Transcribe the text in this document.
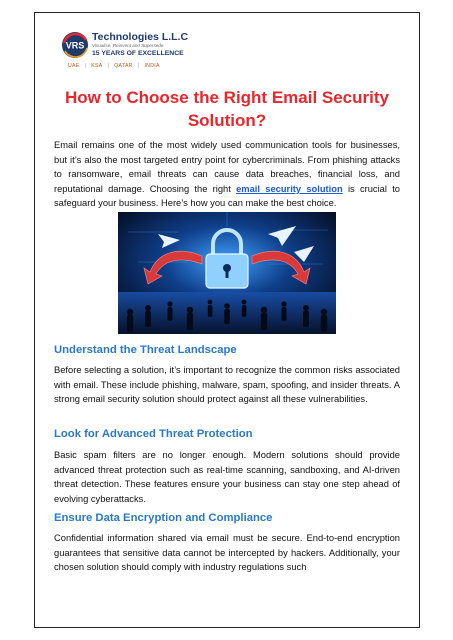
VRS
Technologies L.L.C
Visualise, Reinvent and Supersede
15 YEARS OF EXCELLENCE
UAE | KSA | QATAR | INDIA
How to Choose the Right Email Security
Solution?

Email remains one of the most widely used communication tools for businesses, but it’s also the most targeted entry point for cybercriminals. From phishing attacks to ransomware, email threats can cause data breaches, financial loss, and reputational damage. Choosing the right email security solution is crucial to safeguard your business. Here’s how you can make the best choice.

Understand the Threat Landscape

Before selecting a solution, it’s important to recognize the common risks associated with email. These include phishing, malware, spam, spoofing, and insider threats. A strong email security solution should protect against all these vulnerabilities.

Look for Advanced Threat Protection

Basic spam filters are no longer enough. Modern solutions should provide advanced threat protection such as real-time scanning, sandboxing, and AI-driven threat detection. These features ensure your business can stay one step ahead of evolving cyberattacks.

Ensure Data Encryption and Compliance

Confidential information shared via email must be secure. End-to-end encryption guarantees that sensitive data cannot be intercepted by hackers. Additionally, your chosen solution should comply with industry regulations such
